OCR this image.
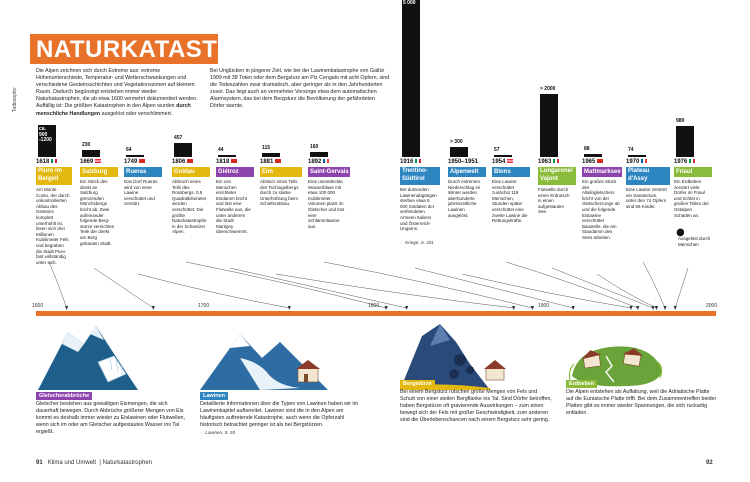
NATURKATASTROPHEN
Die Alpen zeichnen sich durch Extreme aus: extreme Höhenunterschiede, Temperatur- und Wetterschwankungen und verschiedene Gesteinsschichten und Vegetationszonen auf kleinem Raum. Dadurch begünstigt entstehen immer wieder Naturkatastrophen, die ab etwa 1600 vermehrt dokumentiert werden. Auffällig ist: Die größten Katastrophen in den Alpen wurden durch menschliche Handlungen ausgelöst oder verschlimmert.
Bei Unglücken in jüngerer Zeit, wie bei der Lawinenkatastrophe von Galtür 1999 mit 38 Toten oder dem Bergsturz am Piz Cengalo mit acht Opfern, sind die Todeszahlen zwar dramatisch, aber geringer als in den Jahrhunderten zuvor. Das liegt auch an vermehrter Vorsorge etwa dem automatischen Alarmsystem, das bei dem Bergsturz die Bevölkerung der gefährdeten Dörfer warnte.
Todesopfer
ca. 900 -1200
1618
Piuro im Bergell
Am Monte Conto, der durch unkontrollierten Abbau des Gesteins komplett unterhöhlt ist, lösen sich drei Millionen Kubikmeter Fels und begraben die Stadt Piuro fast vollständig unter sich.
230
1669
Salzburg
Ein Stück des direkt an Salzburg grenzenden Mönchsbergs bricht ab. Zwei aufeinander folgende Berg- stürze vernichten Teile der direkt am Berg gebauten Stadt.
64
1749
Rueras
Das Dorf Rueras wird von einer Lawine verschüttet und zerstört.
457
1806
Goldau
Abbruch eines Teils des Rossbergs, 0,5 Quadratkilometer werden verschüttet. Die größte Naturkatastrophe in der Schweizer Alpen.
44
1818
Giétroz
Ein von Menschen errichteter Eisdamm bricht und löst eine Flutwelle aus, die unter anderem die Stadt Martigny überschwemmt.
115
1881
Elm
Absturz eines Teils des Tschingelbergs durch zu starke Unterhöhlung beim Schieferabbau.
160
1892
Saint-Gervais
Eine unentdeckte Wasserblase mit etwa 100 000 Kubikmeter Volumen platzt im Gletscher und löst eine Schlammlawine aus.
5 000
1916
Trentino-Südtirol
Bei dutzenden Lawinenabgängen sterben etwa 5 000 Soldaten der verfeindeten Armeen Italiens und Österreich-Ungarns.
☞ Kriege, S. 201
> 300
1950–1951
Alpenwelt
Durch extremen Niederschlag im Winter werden aberhunderte jahreszeitliche Lawinen ausgelöst.
57
1954
Blons
Eine Lawine verschüttet zunächst 118 Menschen, Stunden später verschüttet eine zweite Lawine die Rettungskräfte.
> 2000
1963
Longarone/ Vajont
Flutwelle durch einen Erdrutsch in einen aufgestauten See.
88
1965
Mattmarksee
Ein großes Stück des Allalingletschers bricht von der Gletscherzunge ab und die folgende Eislawine verschüttet Baustelle, die am Staudamm des Sees arbeiten.
74
1970
Plateau d'Assy
Eine Lawine zerstört ein Sanatorium, unter den 74 Opfern sind 56 Kinder.
989
1976
Friaul
Ein Erdbeben zerstört viele Dörfer im Friaul und richtet in großen Teilen der Ostalpen Schäden an.
Ausgelöst durch Menschen
1600	1700	1800	1900	2000
Gletscherabbrüche
Gletscher bestehen aus gewaltigen Eismengen, die sich dauerhaft bewegen. Durch Abbrüche größerer Mengen von Eis kommt es deshalb immer wieder zu Eislawinen oder Flutwellen, wenn sich im oder am Gletscher aufgestautes Wasser ins Tal ergießt.
Lawinen
Detaillierte Informationen über die Typen von Lawinen haben wir im Lawinenkapitel aufbereitet. Lawinen sind die in den Alpen am häufigsten auftretende Katastrophe, auch wenn die Opferzahl historisch betrachtet geringer ist als bei Bergstürzen.
☞ Lawinen, S. 93
Bergstürze
Bei einem Bergsturz rutschen große Mengen von Fels und Schutt von einer steilen Bergflanke ins Tal. Sind Dörfer betroffen, haben Bergstürze oft gravierende Auswirkungen – zum einen bewegt sich der Fels mit großer Geschwindigkeit, zum anderen sind die Überlebenschancen nach einem Bergsturz sehr gering.
Erdbeben
Die Alpen entstehen als Auffaltung, weil die Adriatische Platte auf die Eurasische Platte trifft. Bei dem Zusammentreffen beider Platten gibt es immer wieder Spannungen, die sich ruckartig entladen.
91 Klima und Umwelt  | Naturkatastrophen	92
